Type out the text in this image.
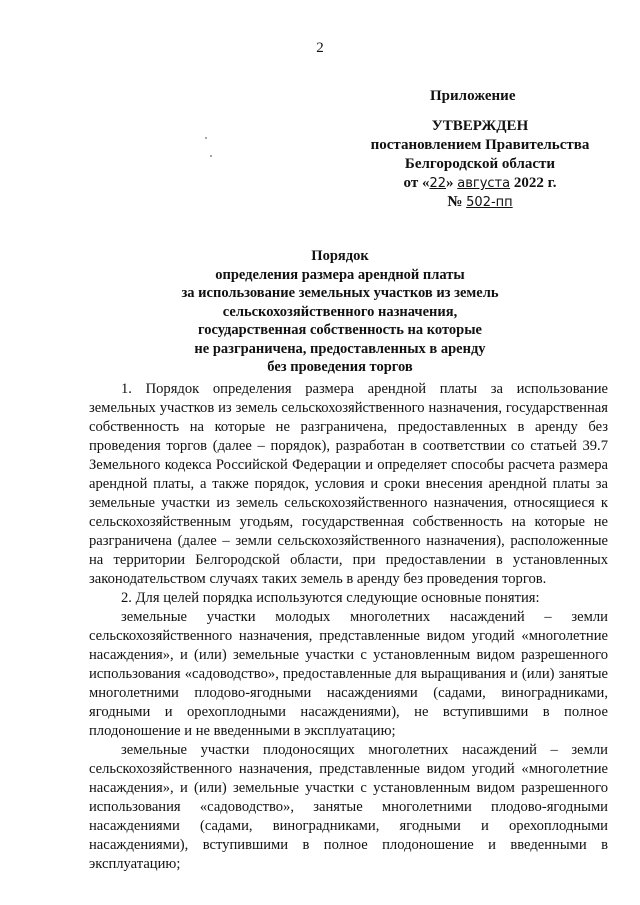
2
Приложение
УТВЕРЖДЕН
постановлением Правительства
Белгородской области
от «22» августа 2022 г.
№ 502-пп
Порядок
определения размера арендной платы
за использование земельных участков из земель
сельскохозяйственного назначения,
государственная собственность на которые
не разграничена, предоставленных в аренду
без проведения торгов

1. Порядок определения размера арендной платы за использование земельных участков из земель сельскохозяйственного назначения, государственная собственность на которые не разграничена, предоставленных в аренду без проведения торгов (далее – порядок), разработан в соответствии со статьей 39.7 Земельного кодекса Российской Федерации и определяет способы расчета размера арендной платы, а также порядок, условия и сроки внесения арендной платы за земельные участки из земель сельскохозяйственного назначения, относящиеся к сельскохозяйственным угодьям, государственная собственность на которые не разграничена (далее – земли сельскохозяйственного назначения), расположенные на территории Белгородской области, при предоставлении в установленных законодательством случаях таких земель в аренду без проведения торгов.

2. Для целей порядка используются следующие основные понятия:

земельные участки молодых многолетних насаждений – земли сельскохозяйственного назначения, представленные видом угодий «многолетние насаждения», и (или) земельные участки с установленным видом разрешенного использования «садоводство», предоставленные для выращивания и (или) занятые многолетними плодово-ягодными насаждениями (садами, виноградниками, ягодными и орехоплодными насаждениями), не вступившими в полное плодоношение и не введенными в эксплуатацию;

земельные участки плодоносящих многолетних насаждений – земли сельскохозяйственного назначения, представленные видом угодий «многолетние насаждения», и (или) земельные участки с установленным видом разрешенного использования «садоводство», занятые многолетними плодово-ягодными насаждениями (садами, виноградниками, ягодными и орехоплодными насаждениями), вступившими в полное плодоношение и введенными в эксплуатацию;
